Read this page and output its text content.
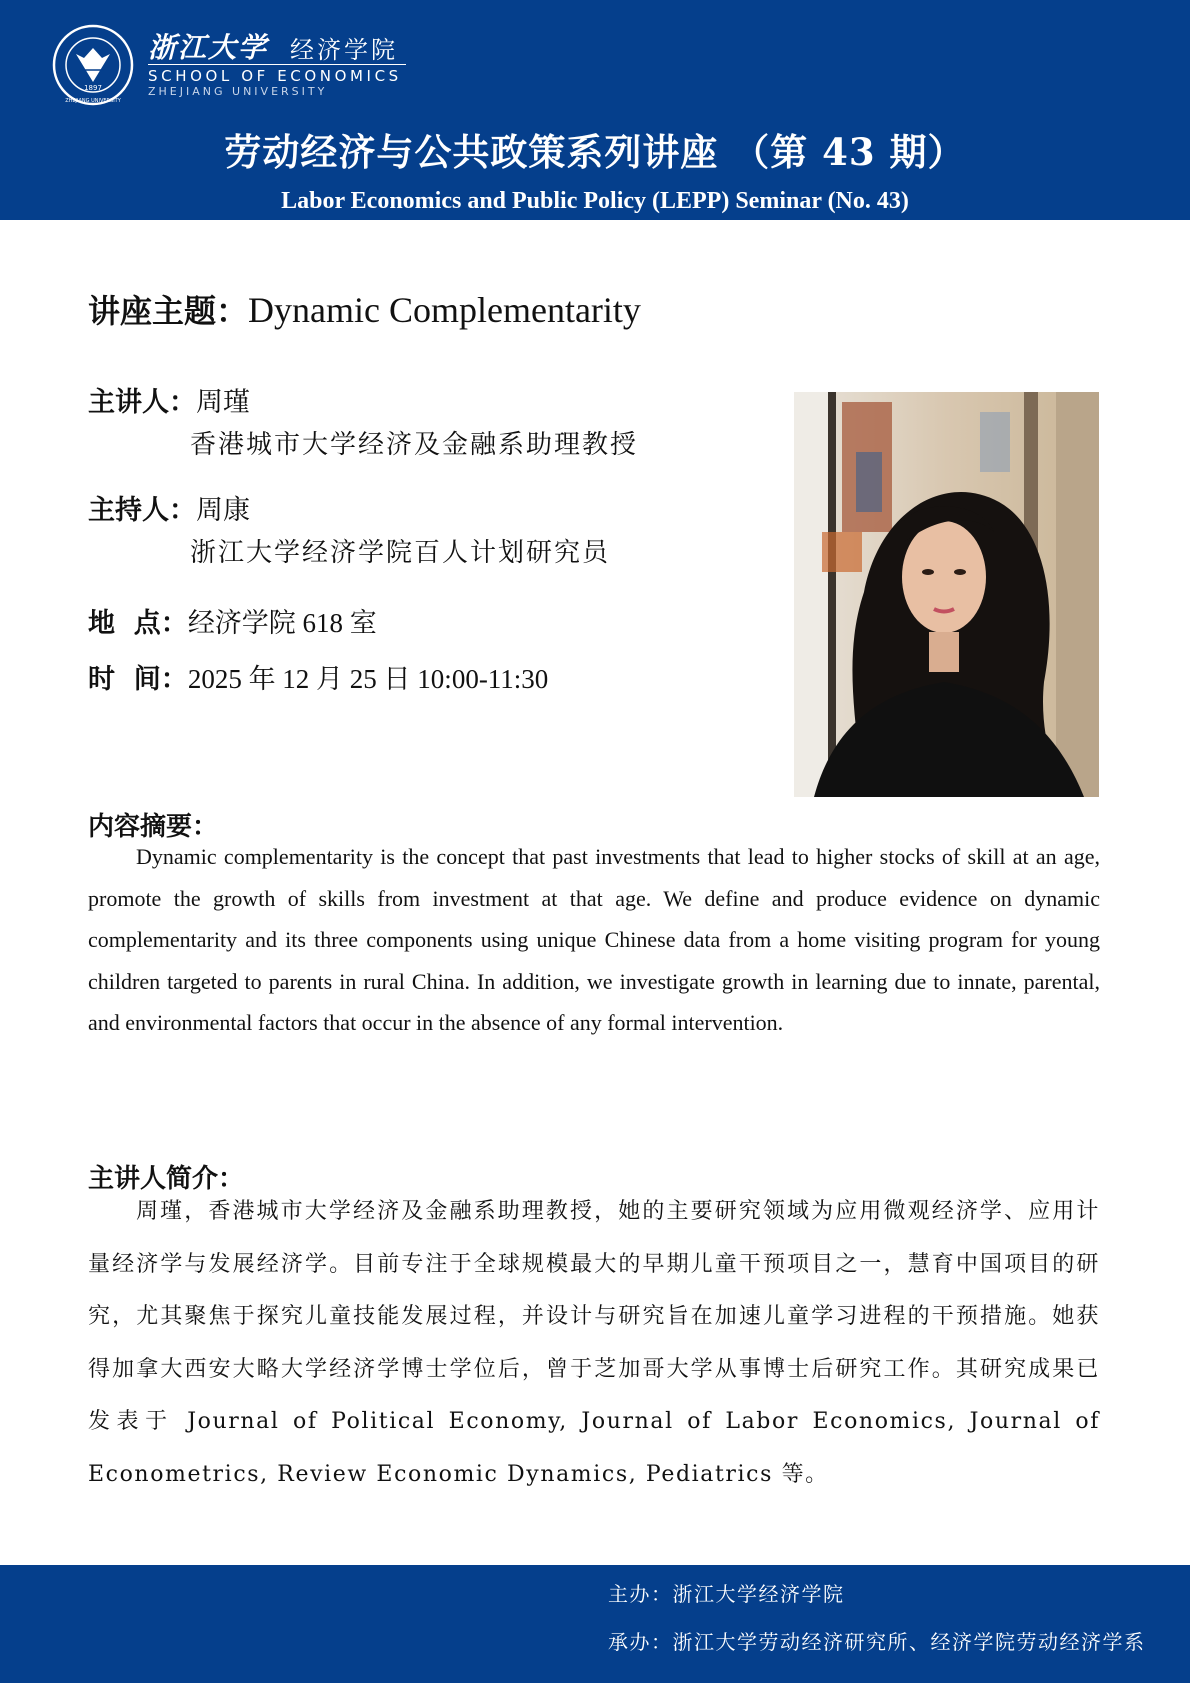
1897
ZHEJIANG UNIVERSITY
浙江大学 经济学院
SCHOOL OF ECONOMICS
ZHEJIANG UNIVERSITY
劳动经济与公共政策系列讲座 （第 43 期）
Labor Economics and Public Policy (LEPP) Seminar (No. 43)
讲座主题：Dynamic Complementarity
主讲人：周瑾
香港城市大学经济及金融系助理教授
主持人：周康
浙江大学经济学院百人计划研究员
地  点：经济学院 618 室
时  间：2025 年 12 月 25 日 10:00-11:30
内容摘要：

Dynamic complementarity is the concept that past investments that lead to higher stocks of skill at an age, promote the growth of skills from investment at that age. We define and produce evidence on dynamic complementarity and its three components using unique Chinese data from a home visiting program for young children targeted to parents in rural China. In addition, we investigate growth in learning due to innate, parental, and environmental factors that occur in the absence of any formal intervention.

主讲人简介：

周瑾，香港城市大学经济及金融系助理教授，她的主要研究领域为应用微观经济学、应用计量经济学与发展经济学。目前专注于全球规模最大的早期儿童干预项目之一，慧育中国项目的研究，尤其聚焦于探究儿童技能发展过程，并设计与研究旨在加速儿童学习进程的干预措施。她获得加拿大西安大略大学经济学博士学位后，曾于芝加哥大学从事博士后研究工作。其研究成果已发表于 Journal of Political Economy, Journal of Labor Economics, Journal of Econometrics, Review Economic Dynamics, Pediatrics 等。

主办：浙江大学经济学院
承办：浙江大学劳动经济研究所、经济学院劳动经济学系
